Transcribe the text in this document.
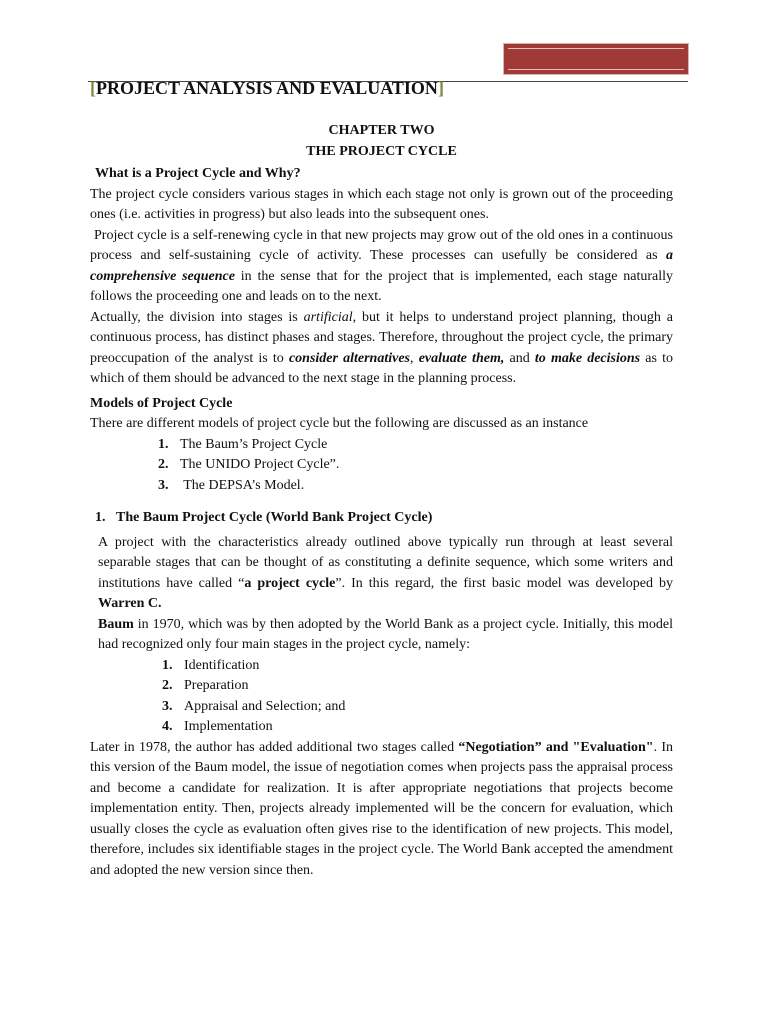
[PROJECT ANALYSIS AND EVALUATION]

CHAPTER TWO

THE PROJECT CYCLE

What is a Project Cycle and Why?

The project cycle considers various stages in which each stage not only is grown out of the proceeding ones (i.e. activities in progress) but also leads into the subsequent ones.

Project cycle is a self-renewing cycle in that new projects may grow out of the old ones in a continuous process and self-sustaining cycle of activity. These processes can usefully be considered as a comprehensive sequence in the sense that for the project that is implemented, each stage naturally follows the proceeding one and leads on to the next.

Actually, the division into stages is artificial, but it helps to understand project planning, though a continuous process, has distinct phases and stages. Therefore, throughout the project cycle, the primary preoccupation of the analyst is to consider alternatives, evaluate them, and to make decisions as to which of them should be advanced to the next stage in the planning process.

Models of Project Cycle

There are different models of project cycle but the following are discussed as an instance

1. The Baum’s Project Cycle
2. The UNIDO Project Cycle”.
3. The DEPSA’s Model.

1. The Baum Project Cycle (World Bank Project Cycle)

A project with the characteristics already outlined above typically run through at least several separable stages that can be thought of as constituting a definite sequence, which some writers and institutions have called “a project cycle”. In this regard, the first basic model was developed by Warren C.

Baum in 1970, which was by then adopted by the World Bank as a project cycle. Initially, this model had recognized only four main stages in the project cycle, namely:

1. Identification
2. Preparation
3. Appraisal and Selection; and
4. Implementation

Later in 1978, the author has added additional two stages called “Negotiation” and "Evaluation". In this version of the Baum model, the issue of negotiation comes when projects pass the appraisal process and become a candidate for realization. It is after appropriate negotiations that projects become implementation entity. Then, projects already implemented will be the concern for evaluation, which usually closes the cycle as evaluation often gives rise to the identification of new projects. This model, therefore, includes six identifiable stages in the project cycle. The World Bank accepted the amendment and adopted the new version since then.
